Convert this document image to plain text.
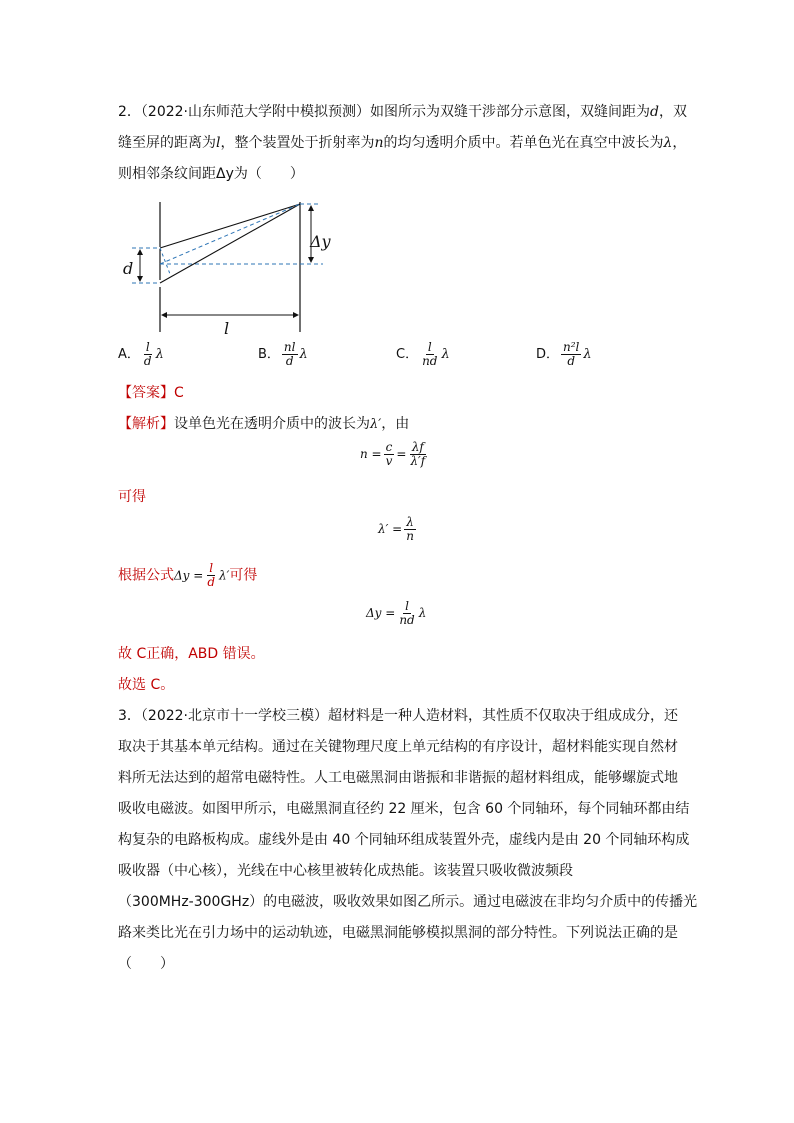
2．（2022·山东师范大学附中模拟预测）如图所示为双缝干涉部分示意图，双缝间距为d，双
缝至屏的距离为l，整个装置处于折射率为n的均匀透明介质中。若单色光在真空中波长为λ，
则相邻条纹间距Δy为（　　）
d
Δy
l
A． $\frac{l}{d}$ λ	B． $\frac{nl}{d}$ λ	C． $\frac{l}{nd}$ λ	D． $\frac{\text{n²l}}{d}$ λ
【答案】C
【解析】设单色光在透明介质中的波长为λ′，由
$n = \frac{c}{v} = \frac{\lambda f}{\lambda'f}$
可得
$\lambda' = \frac{\lambda}{n}$
根据公式$\Delta y = \frac{l}{d} \lambda'$可得
$\Delta y = \frac{l}{nd}$ λ
故 C正确，ABD 错误。
故选 C。
3．（2022·北京市十一学校三模）超材料是一种人造材料，其性质不仅取决于组成成分，还
取决于其基本单元结构。通过在关键物理尺度上单元结构的有序设计，超材料能实现自然材
料所无法达到的超常电磁特性。人工电磁黑洞由谐振和非谐振的超材料组成，能够螺旋式地
吸收电磁波。如图甲所示，电磁黑洞直径约 22 厘米，包含 60 个同轴环，每个同轴环都由结
构复杂的电路板构成。虚线外是由 40 个同轴环组成装置外壳，虚线内是由 20 个同轴环构成
吸收器（中心核），光线在中心核里被转化成热能。该装置只吸收微波频段
（300MHz-300GHz）的电磁波，吸收效果如图乙所示。通过电磁波在非均匀介质中的传播光
路来类比光在引力场中的运动轨迹，电磁黑洞能够模拟黑洞的部分特性。下列说法正确的是
（　　）
